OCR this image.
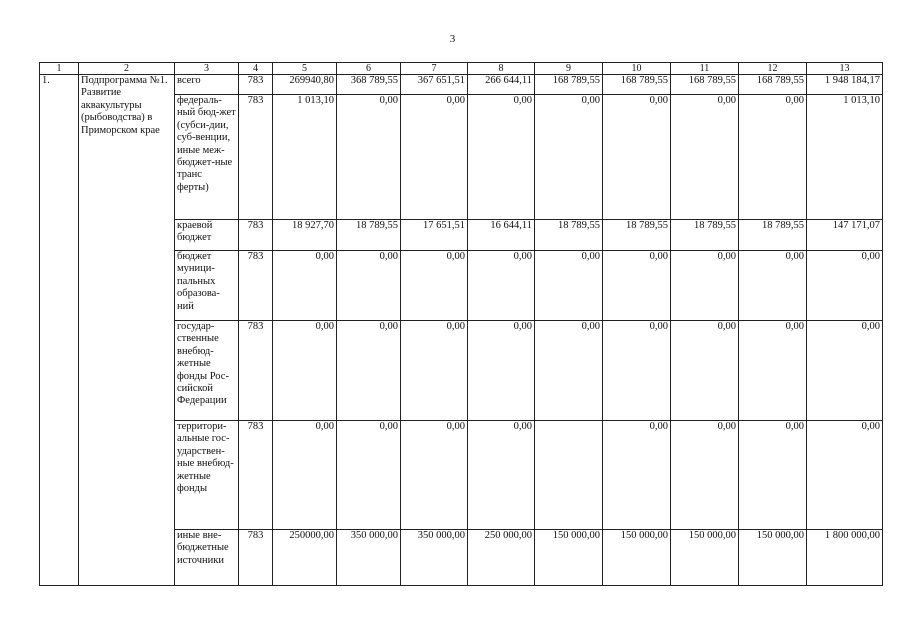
3
1	2	3	4	5	6	7	8	9	10	11	12	13
1.	Подпрограмма №1. Развитие аквакультуры (рыбоводства) в Приморском крае	всего	783	269940,80	368 789,55	367 651,51	266 644,11	168 789,55	168 789,55	168 789,55	168 789,55	1 948 184,17
		федераль-ный бюд-жет (субси-дии, суб-венции, иные меж-бюджет-ные транс ферты)	783	1 013,10	0,00	0,00	0,00	0,00	0,00	0,00	0,00	1 013,10
		краевой бюджет	783	18 927,70	18 789,55	17 651,51	16 644,11	18 789,55	18 789,55	18 789,55	18 789,55	147 171,07
		бюджет муници-пальных образова-ний	783	0,00	0,00	0,00	0,00	0,00	0,00	0,00	0,00	0,00
		государ-ственные внебюд-жетные фонды Рос-сийской Федерации	783	0,00	0,00	0,00	0,00	0,00	0,00	0,00	0,00	0,00
		территори-альные гос-ударствен-ные внебюд-жетные фонды	783	0,00	0,00	0,00	0,00		0,00	0,00	0,00	0,00
		иные вне-бюджетные источники	783	250000,00	350 000,00	350 000,00	250 000,00	150 000,00	150 000,00	150 000,00	150 000,00	1 800 000,00
